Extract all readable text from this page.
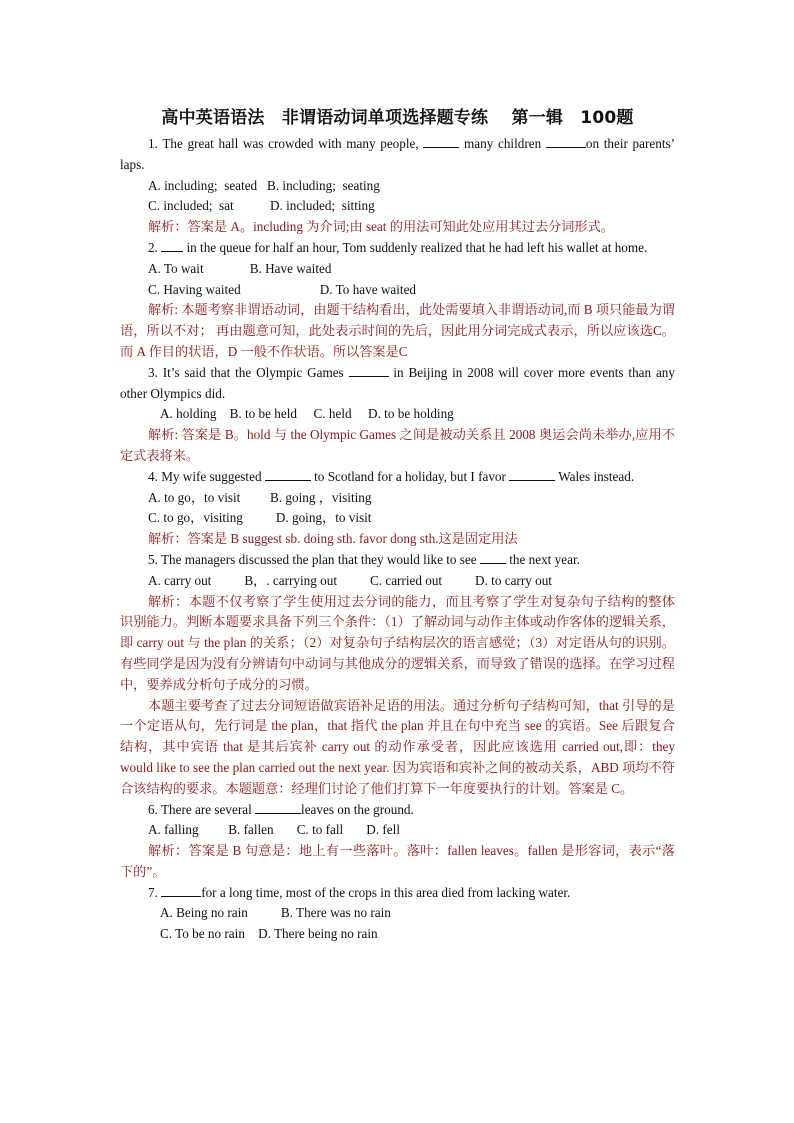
高中英语语法　非谓语动词单项选择题专练　 第一辑　100题

1. The great hall was crowded with many people,	many children	on their parents’ laps.

A. including;  seated   B. including;  seating

C. included;  sat           D. included;  sitting

解析：答案是 A。including 为介词;由 seat 的用法可知此处应用其过去分词形式。

2.  in the queue for half an hour, Tom suddenly realized that he had left his wallet at home.

A. To wait              B. Have waited

C. Having waited                        D. To have waited

解析: 本题考察非谓语动词，由题干结构看出，此处需要填入非谓语动词,而 B 项只能最为谓语，所以不对； 再由题意可知，此处表示时间的先后，因此用分词完成式表示，所以应该选C。而 A 作目的状语，D 一般不作状语。所以答案是C

3. It’s said that the Olympic Games	in Beijing in 2008 will cover more events than any other Olympics did.

A. holding    B. to be held     C. held     D. to be holding

解析: 答案是 B。hold 与 the Olympic Games 之间是被动关系且 2008 奥运会尚未举办,应用不定式表将来。

4. My wife suggested	to Scotland for a holiday, but I favor	Wales instead.

A. to go，to visit         B. going ，visiting

C. to go，visiting          D. going，to visit

解析：答案是 B suggest sb. doing sth. favor dong sth.这是固定用法

5. The managers discussed the plan that they would like to see  the next year.

A. carry out          B，. carrying out          C. carried out          D. to carry out

解析：本题不仅考察了学生使用过去分词的能力，而且考察了学生对复杂句子结构的整体识别能力。判断本题要求具备下列三个条件：（1）了解动词与动作主体或动作客体的逻辑关系，即 carry out 与 the plan 的关系；（2）对复杂句子结构层次的语言感觉；（3）对定语从句的识别。有些同学是因为没有分辨请句中动词与其他成分的逻辑关系，而导致了错误的选择。在学习过程中，要养成分析句子成分的习惯。

本题主要考查了过去分词短语做宾语补足语的用法。通过分析句子结构可知，that 引导的是一个定语从句，先行词是 the plan，that 指代 the plan 并且在句中充当 see 的宾语。See 后跟复合结构，其中宾语 that 是其后宾补 carry out 的动作承受者，因此应该选用 carried out,即：they would like to see the plan carried out the next year. 因为宾语和宾补之间的被动关系，ABD 项均不符合该结构的要求。本题题意：经理们讨论了他们打算下一年度要执行的计划。答案是 C。

6. There are several	leaves on the ground.

A. falling         B. fallen       C. to fall       D. fell

解析：答案是 B 句意是：地上有一些落叶。落叶：fallen leaves。fallen 是形容词，表示“落下的”。

7.	for a long time, most of the crops in this area died from lacking water.

A. Being no rain          B. There was no rain

C. To be no rain    D. There being no rain
